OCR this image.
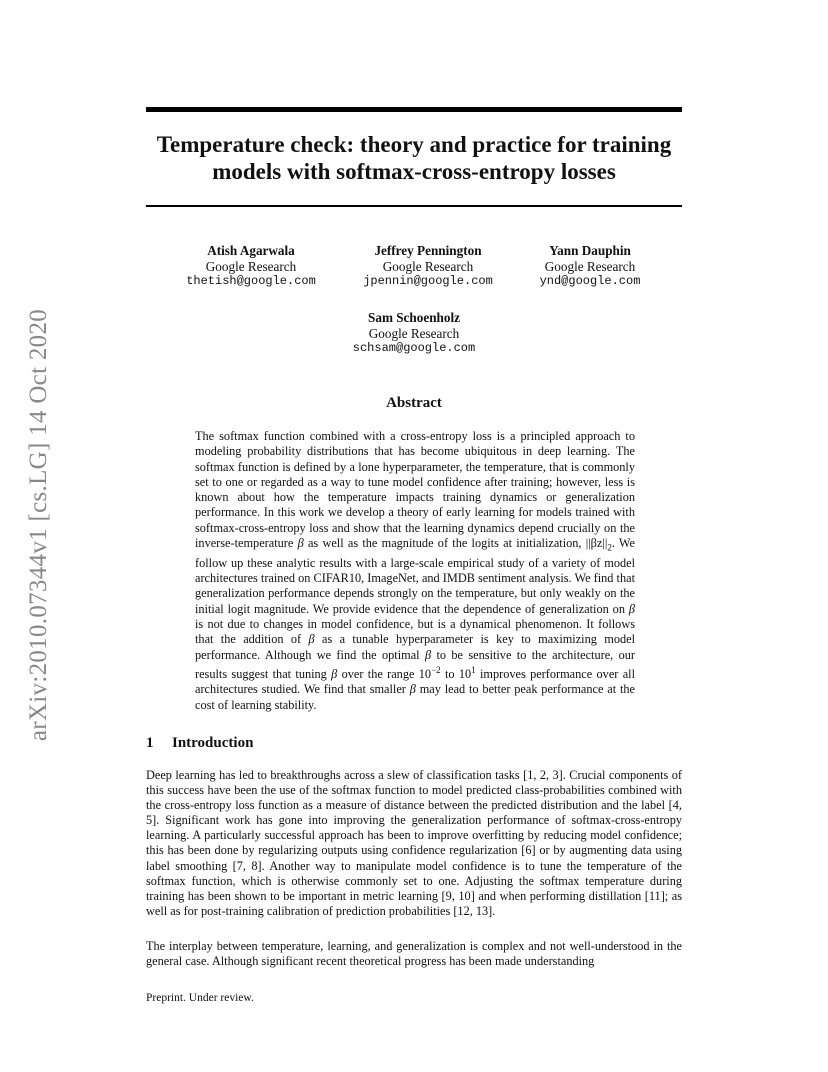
arXiv:2010.07344v1 [cs.LG] 14 Oct 2020
Temperature check: theory and practice for training
models with softmax-cross-entropy losses
Atish Agarwala
Google Research
thetish@google.com
Jeffrey Pennington
Google Research
jpennin@google.com
Yann Dauphin
Google Research
ynd@google.com
Sam Schoenholz
Google Research
schsam@google.com
Abstract
The softmax function combined with a cross-entropy loss is a principled approach to modeling probability distributions that has become ubiquitous in deep learning. The softmax function is defined by a lone hyperparameter, the temperature, that is commonly set to one or regarded as a way to tune model confidence after training; however, less is known about how the temperature impacts training dynamics or generalization performance. In this work we develop a theory of early learning for models trained with softmax-cross-entropy loss and show that the learning dynamics depend crucially on the inverse-temperature β as well as the magnitude of the logits at initialization, $||\beta z||_2$. We follow up these analytic results with a large-scale empirical study of a variety of model architectures trained on CIFAR10, ImageNet, and IMDB sentiment analysis. We find that generalization performance depends strongly on the temperature, but only weakly on the initial logit magnitude. We provide evidence that the dependence of generalization on β is not due to changes in model confidence, but is a dynamical phenomenon. It follows that the addition of β as a tunable hyperparameter is key to maximizing model performance. Although we find the optimal β to be sensitive to the architecture, our results suggest that tuning β over the range $10^{-2}$ to $10^1$ improves performance over all architectures studied. We find that smaller β may lead to better peak performance at the cost of learning stability.
1 Introduction
Deep learning has led to breakthroughs across a slew of classification tasks [1, 2, 3]. Crucial components of this success have been the use of the softmax function to model predicted class-probabilities combined with the cross-entropy loss function as a measure of distance between the predicted distribution and the label [4, 5]. Significant work has gone into improving the generalization performance of softmax-cross-entropy learning. A particularly successful approach has been to improve overfitting by reducing model confidence; this has been done by regularizing outputs using confidence regularization [6] or by augmenting data using label smoothing [7, 8]. Another way to manipulate model confidence is to tune the temperature of the softmax function, which is otherwise commonly set to one. Adjusting the softmax temperature during training has been shown to be important in metric learning [9, 10] and when performing distillation [11]; as well as for post-training calibration of prediction probabilities [12, 13].
The interplay between temperature, learning, and generalization is complex and not well-understood in the general case. Although significant recent theoretical progress has been made understanding
Preprint. Under review.
